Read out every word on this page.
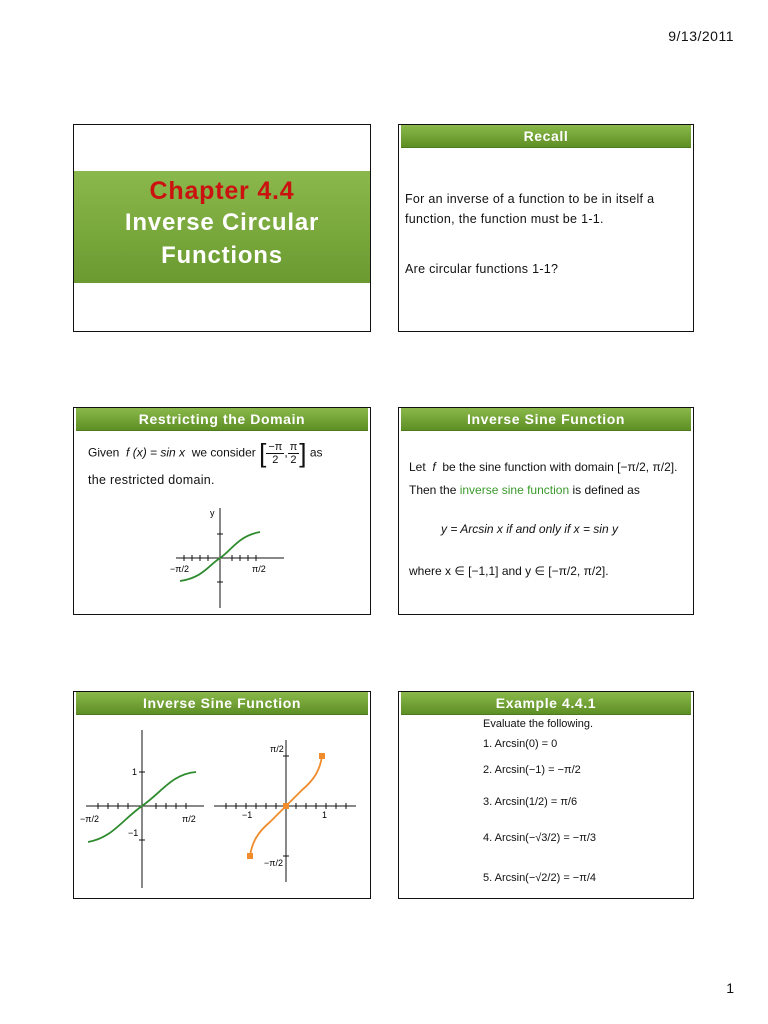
9/13/2011
Chapter 4.4
Inverse Circular
Functions
Recall
For an inverse of a function to be in itself a function, the function must be 1-1.
Are circular functions 1-1?
Restricting the Domain
Given f (x) = sin x we consider [ $\frac{-\pi}{2}$ , $\frac{\pi}{2}$ ] as
the restricted domain.
y
−π/2	π/2
Inverse Sine Function
Let f be the sine function with domain [−π/2, π/2].
Then the inverse sine function is defined as
y = Arcsin x if and only if x = sin y
where x ∈ [−1,1] and y ∈ [−π/2, π/2].
Inverse Sine Function
1
−1
−π/2	π/2
π/2
−π/2
−1	1
Example 4.4.1
Evaluate the following.
1. Arcsin(0) = 0
2. Arcsin(−1) = −π/2
3. Arcsin(1/2) = π/6
4. Arcsin(−√3/2) = −π/3
5. Arcsin(−√2/2) = −π/4
1
